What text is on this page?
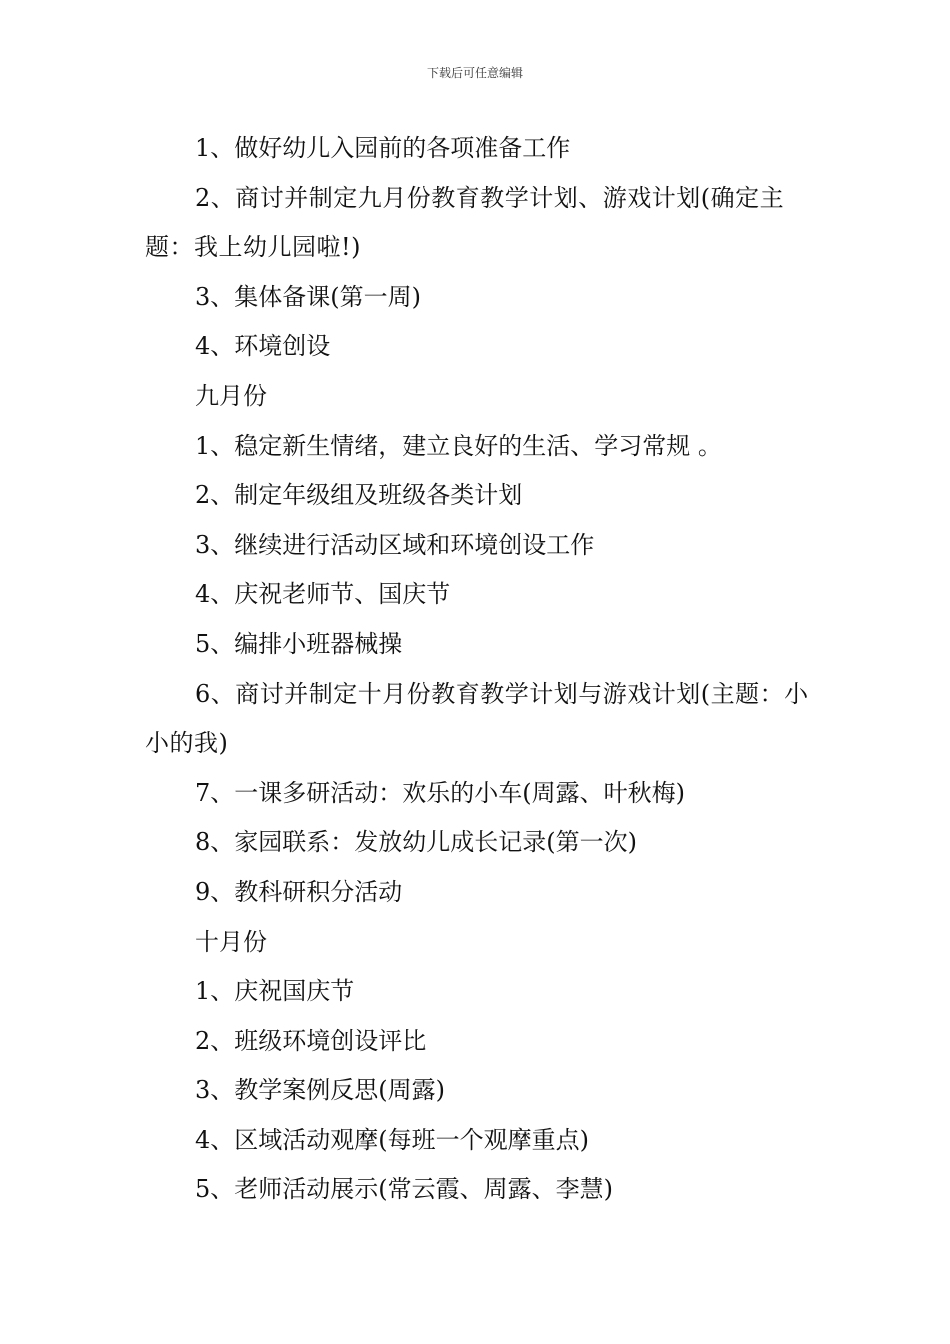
下载后可任意编辑

1、做好幼儿入园前的各项准备工作

2、商讨并制定九月份教育教学计划、游戏计划(确定主题：我上幼儿园啦!)

3、集体备课(第一周)

4、环境创设

九月份

1、稳定新生情绪，建立良好的生活、学习常规 。

2、制定年级组及班级各类计划

3、继续进行活动区域和环境创设工作

4、庆祝老师节、国庆节

5、编排小班器械操

6、商讨并制定十月份教育教学计划与游戏计划(主题：小小的我)

7、一课多研活动：欢乐的小车(周露、叶秋梅)

8、家园联系：发放幼儿成长记录(第一次)

9、教科研积分活动

十月份

1、庆祝国庆节

2、班级环境创设评比

3、教学案例反思(周露)

4、区域活动观摩(每班一个观摩重点)

5、老师活动展示(常云霞、周露、李慧)
